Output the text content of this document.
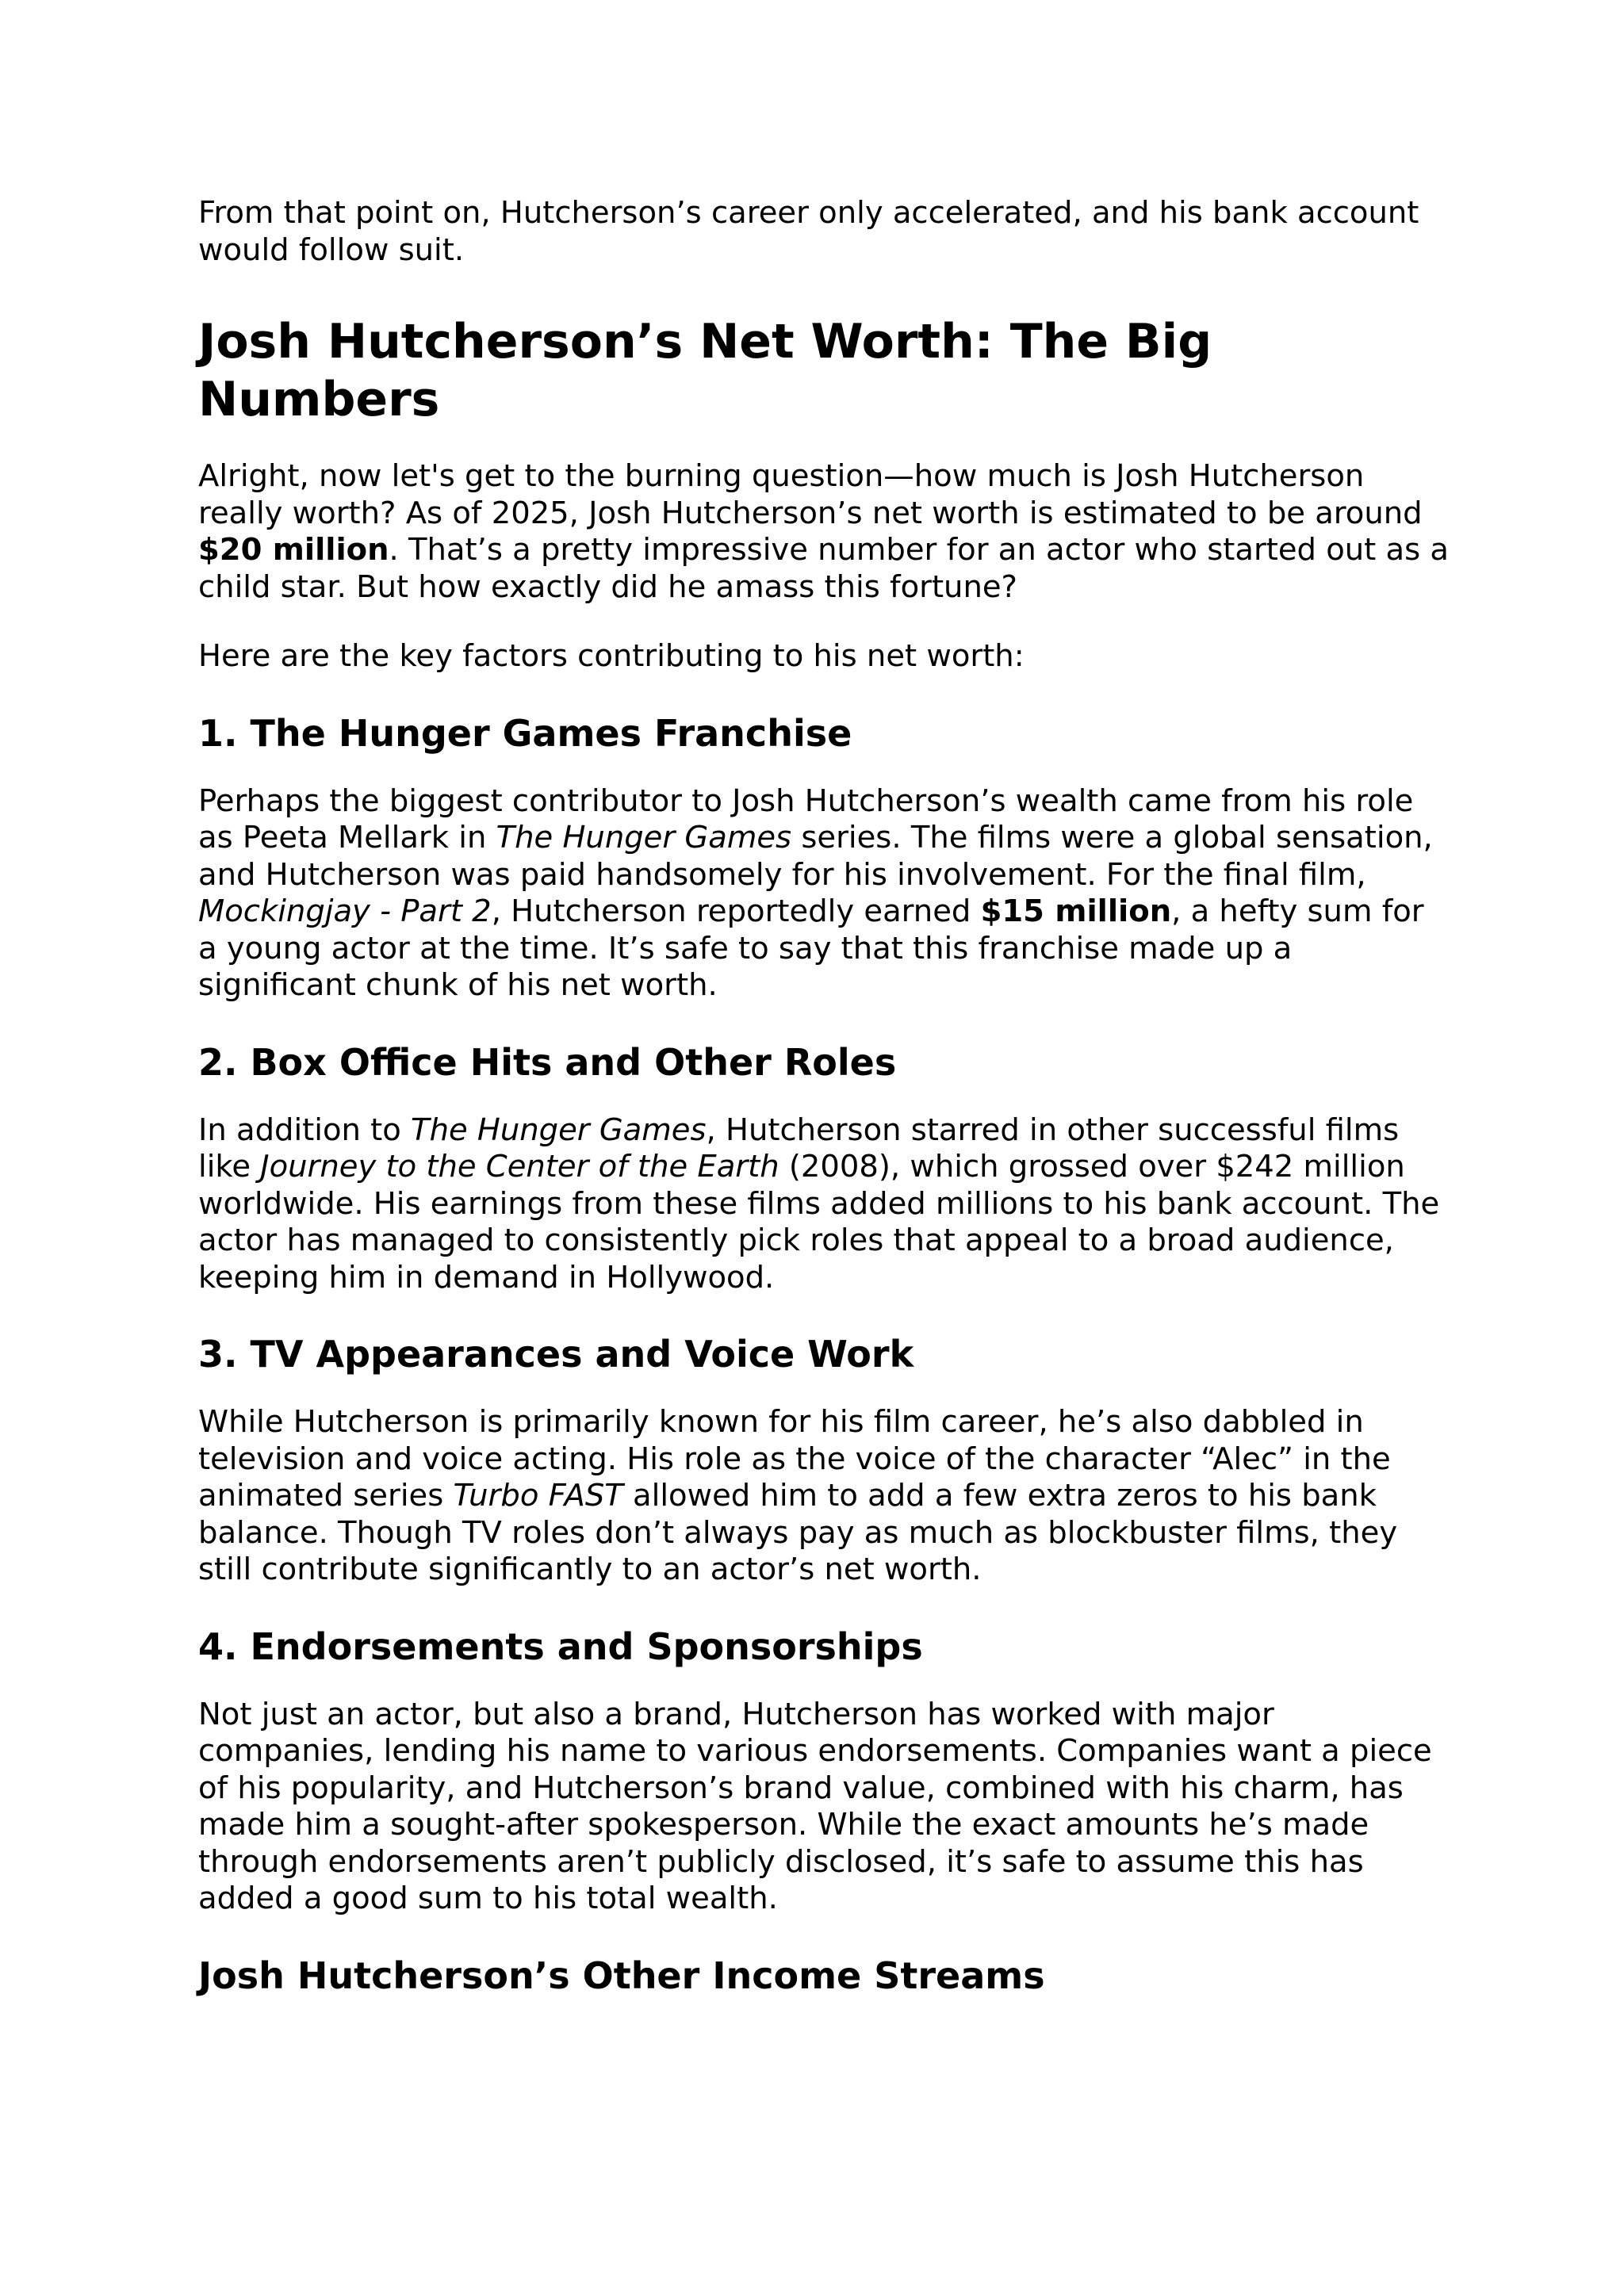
From that point on, Hutcherson’s career only accelerated, and his bank account would follow suit.

Josh Hutcherson’s Net Worth: The Big Numbers

Alright, now let's get to the burning question—how much is Josh Hutcherson really worth? As of 2025, Josh Hutcherson’s net worth is estimated to be around $20 million. That’s a pretty impressive number for an actor who started out as a child star. But how exactly did he amass this fortune?

Here are the key factors contributing to his net worth:

1. The Hunger Games Franchise

Perhaps the biggest contributor to Josh Hutcherson’s wealth came from his role as Peeta Mellark in The Hunger Games series. The films were a global sensation, and Hutcherson was paid handsomely for his involvement. For the final film, Mockingjay - Part 2, Hutcherson reportedly earned $15 million, a hefty sum for a young actor at the time. It’s safe to say that this franchise made up a significant chunk of his net worth.

2. Box Office Hits and Other Roles

In addition to The Hunger Games, Hutcherson starred in other successful films like Journey to the Center of the Earth (2008), which grossed over $242 million worldwide. His earnings from these films added millions to his bank account. The actor has managed to consistently pick roles that appeal to a broad audience, keeping him in demand in Hollywood.

3. TV Appearances and Voice Work

While Hutcherson is primarily known for his film career, he’s also dabbled in television and voice acting. His role as the voice of the character “Alec” in the animated series Turbo FAST allowed him to add a few extra zeros to his bank balance. Though TV roles don’t always pay as much as blockbuster films, they still contribute significantly to an actor’s net worth.

4. Endorsements and Sponsorships

Not just an actor, but also a brand, Hutcherson has worked with major companies, lending his name to various endorsements. Companies want a piece of his popularity, and Hutcherson’s brand value, combined with his charm, has made him a sought-after spokesperson. While the exact amounts he’s made through endorsements aren’t publicly disclosed, it’s safe to assume this has added a good sum to his total wealth.

Josh Hutcherson’s Other Income Streams
